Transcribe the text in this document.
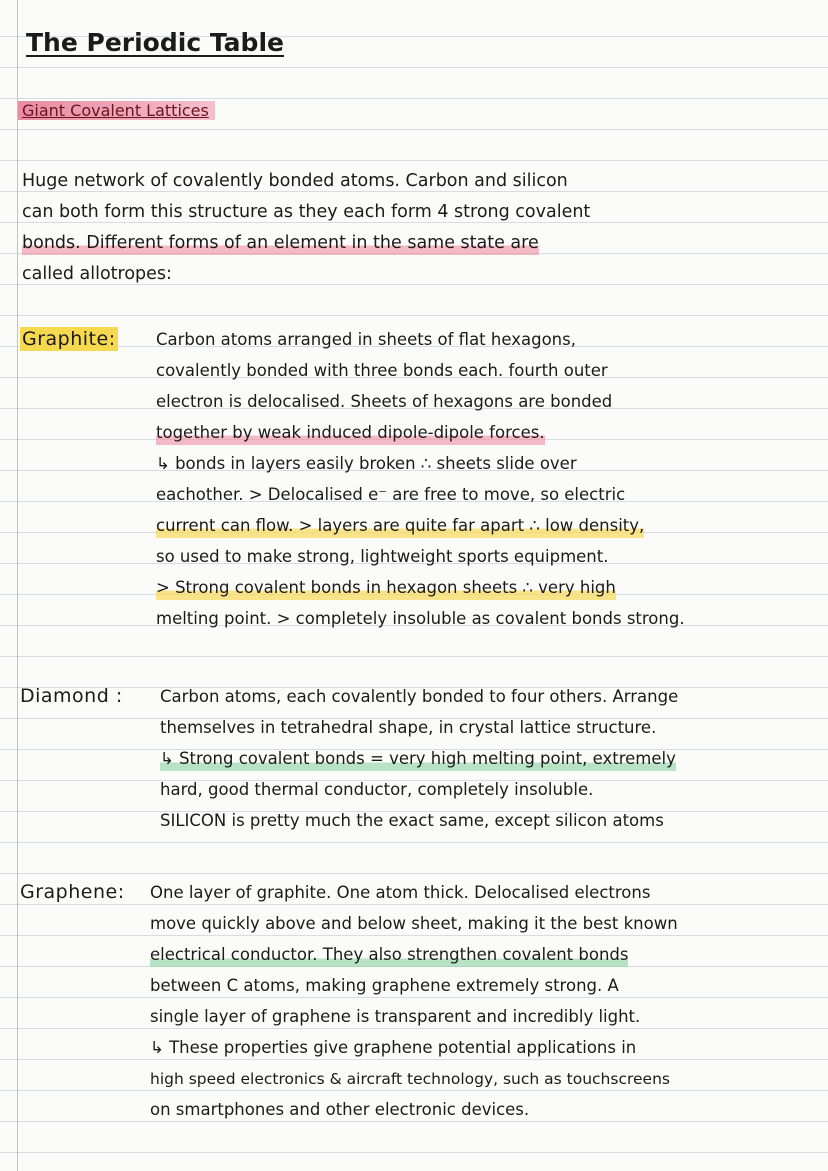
The Periodic Table
Giant Covalent Lattices
Huge network of covalently bonded atoms. Carbon and silicon
can both form this structure as they each form 4 strong covalent
bonds. Different forms of an element in the same state are
called allotropes:
Graphite: Carbon atoms arranged in sheets of flat hexagons,
covalently bonded with three bonds each. fourth outer
electron is delocalised. Sheets of hexagons are bonded
together by weak induced dipole-dipole forces.
↳ bonds in layers easily broken ∴ sheets slide over
eachother. > Delocalised e⁻ are free to move, so electric
current can flow. > layers are quite far apart ∴ low density,
so used to make strong, lightweight sports equipment.
> Strong covalent bonds in hexagon sheets ∴ very high
melting point. > completely insoluble as covalent bonds strong.
Diamond : Carbon atoms, each covalently bonded to four others. Arrange
themselves in tetrahedral shape, in crystal lattice structure.
↳ Strong covalent bonds = very high melting point, extremely
hard, good thermal conductor, completely insoluble.
SILICON is pretty much the exact same, except silicon atoms
Graphene: One layer of graphite. One atom thick. Delocalised electrons
move quickly above and below sheet, making it the best known
electrical conductor. They also strengthen covalent bonds
between C atoms, making graphene extremely strong. A
single layer of graphene is transparent and incredibly light.
↳ These properties give graphene potential applications in
high speed electronics & aircraft technology, such as touchscreens
on smartphones and other electronic devices.
